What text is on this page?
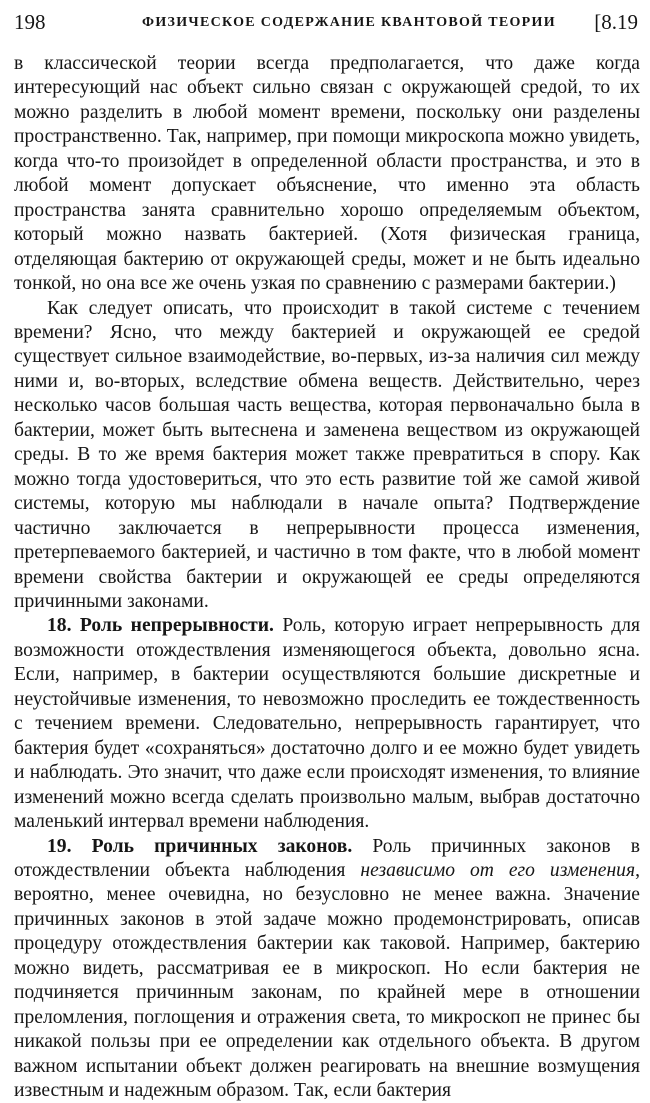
198	ФИЗИЧЕСКОЕ СОДЕРЖАНИЕ КВАНТОВОЙ ТЕОРИИ [8.19

в классической теории всегда предполагается, что даже когда интересующий нас объект сильно связан с окружающей средой, то их можно разделить в любой момент времени, поскольку они разделены пространственно. Так, например, при помощи микроскопа можно увидеть, когда что-то произойдет в определенной области пространства, и это в любой момент допускает объяснение, что именно эта область пространства занята сравнительно хорошо определяемым объектом, который можно назвать бактерией. (Хотя физическая граница, отделяющая бактерию от окружающей среды, может и не быть идеально тонкой, но она все же очень узкая по сравнению с размерами бактерии.)

Как следует описать, что происходит в такой системе с течением времени? Ясно, что между бактерией и окружающей ее средой существует сильное взаимодействие, во-первых, из-за наличия сил между ними и, во-вторых, вследствие обмена веществ. Действительно, через несколько часов большая часть вещества, которая первоначально была в бактерии, может быть вытеснена и заменена веществом из окружающей среды. В то же время бактерия может также превратиться в спору. Как можно тогда удостовериться, что это есть развитие той же самой живой системы, которую мы наблюдали в начале опыта? Подтверждение частично заключается в непрерывности процесса изменения, претерпеваемого бактерией, и частично в том факте, что в любой момент времени свойства бактерии и окружающей ее среды определяются причинными законами.

18. Роль непрерывности. Роль, которую играет непрерывность для возможности отождествления изменяющегося объекта, довольно ясна. Если, например, в бактерии осуществляются большие дискретные и неустойчивые изменения, то невозможно проследить ее тождественность с течением времени. Следовательно, непрерывность гарантирует, что бактерия будет «сохраняться» достаточно долго и ее можно будет увидеть и наблюдать. Это значит, что даже если происходят изменения, то влияние изменений можно всегда сделать произвольно малым, выбрав достаточно маленький интервал времени наблюдения.

19. Роль причинных законов. Роль причинных законов в отождествлении объекта наблюдения независимо от его изменения, вероятно, менее очевидна, но безусловно не менее важна. Значение причинных законов в этой задаче можно продемонстрировать, описав процедуру отождествления бактерии как таковой. Например, бактерию можно видеть, рассматривая ее в микроскоп. Но если бактерия не подчиняется причинным законам, по крайней мере в отношении преломления, поглощения и отражения света, то микроскоп не принес бы никакой пользы при ее определении как отдельного объекта. В другом важном испытании объект должен реагировать на внешние возмущения известным и надежным образом. Так, если бактерия
